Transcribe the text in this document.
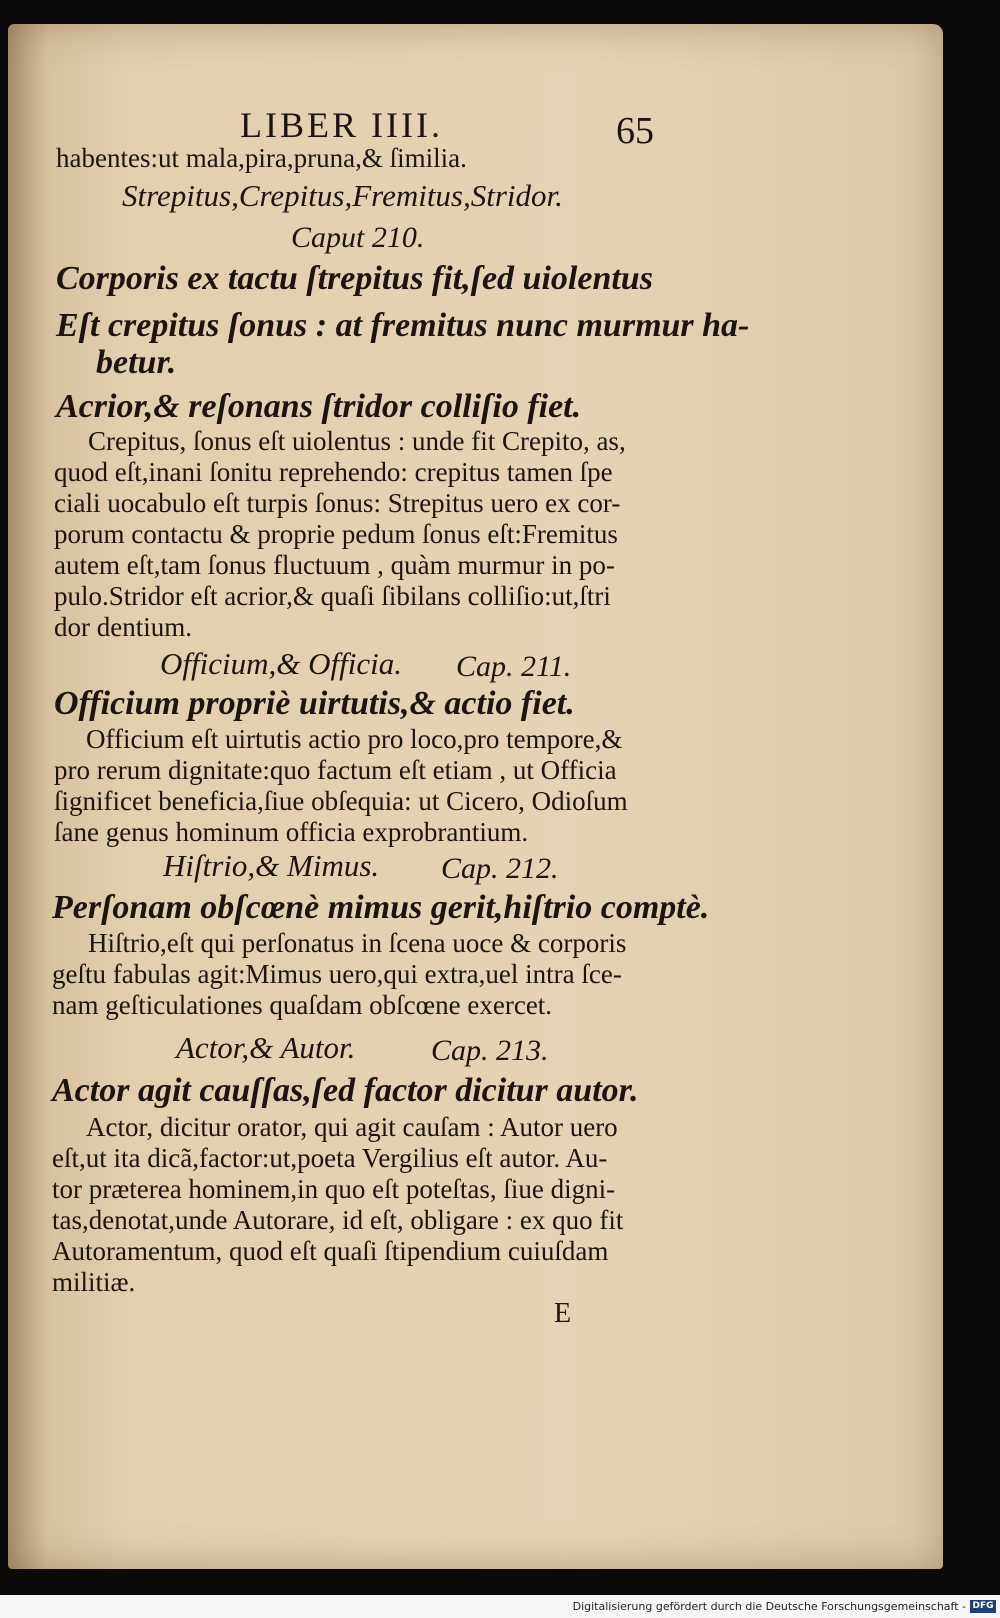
LIBER IIII.	65
habentes:ut mala,pira,pruna,& ſimilia.
Strepitus,Crepitus,Fremitus,Stridor.
Caput 210.
Corporis ex tactu ſtrepitus fit,ſed uiolentus
Eſt crepitus ſonus : at fremitus nunc murmur ha-
betur.
Acrior,& reſonans ſtridor colliſio fiet.
Crepitus, ſonus eſt uiolentus : unde fit Crepito, as,
quod eſt,inani ſonitu reprehendo: crepitus tamen ſpe
ciali uocabulo eſt turpis ſonus: Strepitus uero ex cor-
porum contactu & proprie pedum ſonus eſt:Fremitus
autem eſt,tam ſonus fluctuum , quàm murmur in po-
pulo.Stridor eſt acrior,& quaſi ſibilans colliſio:ut,ſtri
dor dentium.
Officium,& Officia. Cap. 211.
Officium propriè uirtutis,& actio fiet.
Officium eſt uirtutis actio pro loco,pro tempore,&
pro rerum dignitate:quo factum eſt etiam , ut Officia
ſignificet beneficia,ſiue obſequia: ut Cicero, Odioſum
ſane genus hominum officia exprobrantium.
Hiſtrio,& Mimus. Cap. 212.
Perſonam obſcœnè mimus gerit,hiſtrio comptè.
Hiſtrio,eſt qui perſonatus in ſcena uoce & corporis
geſtu fabulas agit:Mimus uero,qui extra,uel intra ſce-
nam geſticulationes quaſdam obſcœne exercet.
Actor,& Autor.	Cap. 213.
Actor agit cauſſas,ſed factor dicitur autor.
Actor, dicitur orator, qui agit cauſam : Autor uero
eſt,ut ita dicã,factor:ut,poeta Vergilius eſt autor. Au-
tor præterea hominem,in quo eſt poteſtas, ſiue digni-
tas,denotat,unde Autorare, id eſt, obligare : ex quo fit
Autoramentum, quod eſt quaſi ſtipendium cuiuſdam
militiæ.
E
Digitalisierung gefördert durch die Deutsche Forschungsgemeinschaft - DFG
